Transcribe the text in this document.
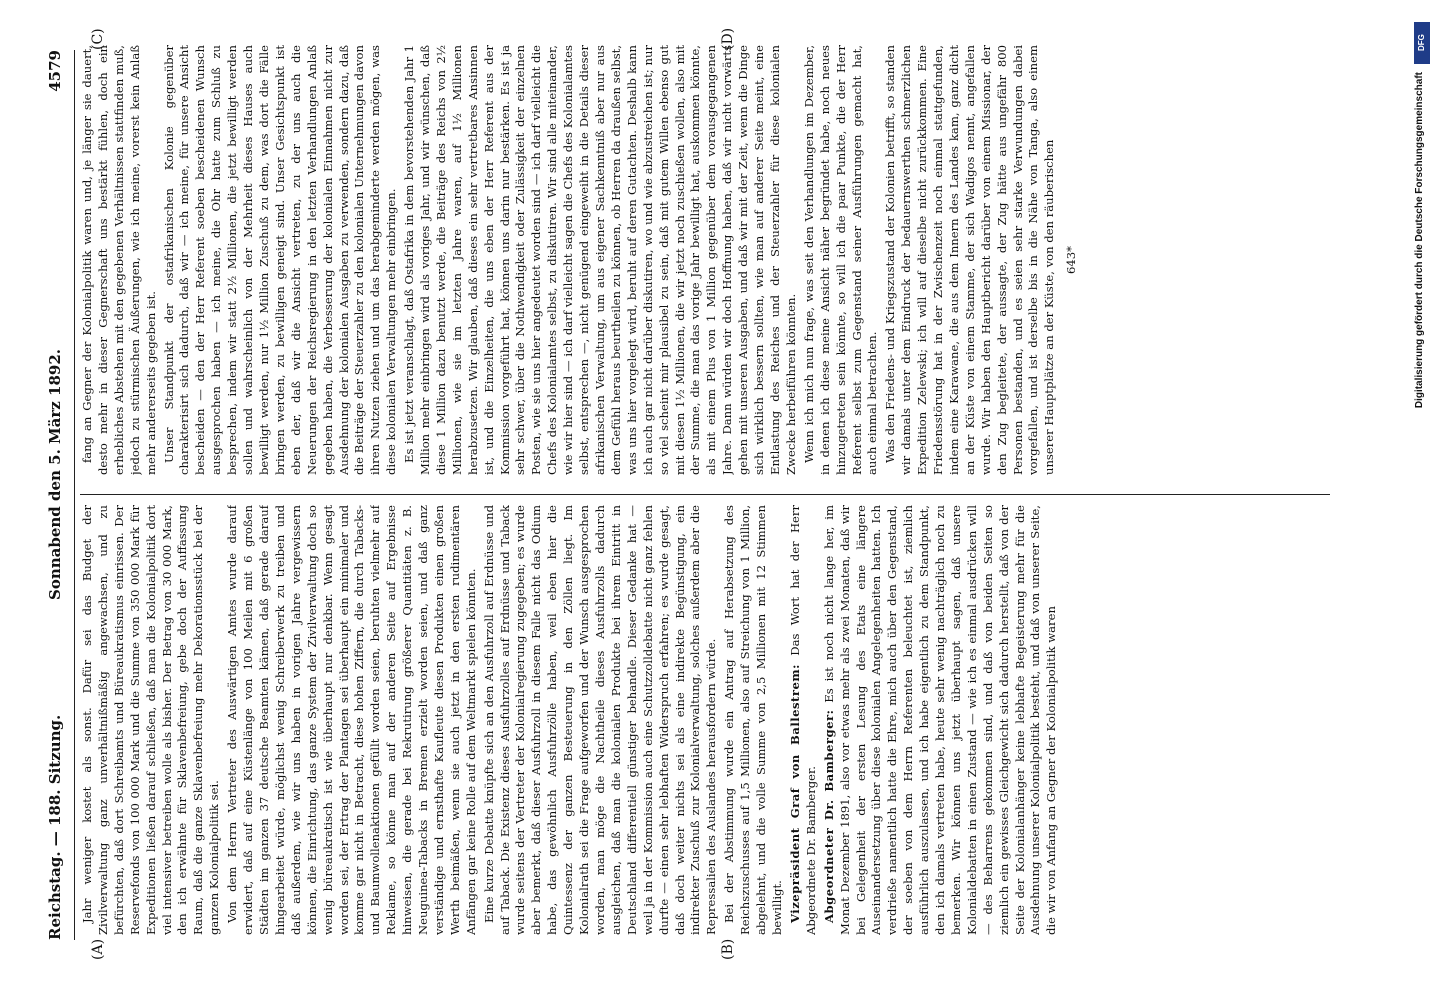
Reichstag. — 188. Sitzung.
Sonnabend den 5. März 1892.
4579
(A)	(B)
(C)	(D)

Jahr weniger kostet als sonst. Dafür sei das Budget der Zivilverwaltung ganz unverhältnißmäßig angewachsen, und zu befürchten, daß dort Schreibamts und Büreaukratismus einrissen. Der Reservefonds von 100 000 Mark und die Summe von 350 000 Mark für Expeditionen ließen darauf schließen, daß man die Kolonialpolitik dort viel intensiver betreiben wolle als bisher. Der Betrag von 30 000 Mark, den ich erwähnte für Sklavenbefreiung, gebe doch der Auffassung Raum, daß die ganze Sklavenbefreiung mehr Dekorationsstück bei der ganzen Kolonialpolitik sei. Von dem Herrn Vertreter des Auswärtigen Amtes wurde darauf erwidert, daß auf eine Küstenlänge von 100 Meilen mit 6 großen Städten im ganzen 37 deutsche Beamten kämen, daß gerade darauf hingearbeitet würde, möglichst wenig Schreiberwerk zu treiben und daß außerdem, wie wir uns haben in vorigen Jahre vergewissern können, die Einrichtung, das ganze System der Zivilverwaltung doch so wenig büreaukratisch ist wie überhaupt nur denkbar. Wenn gesagt worden sei, der Ertrag der Plantagen sei überhaupt ein minimaler und komme gar nicht in Betracht, diese hohen Ziffern, die durch Tabacks- und Baumwollenaktionen gefüllt worden seien, beruhten vielmehr auf Reklame, so könne man auf der anderen Seite auf Ergebnisse hinweisen, die gerade bei Rekrutirung größerer Quantitäten z. B. Neuguinea-Tabacks in Bremen erzielt worden seien, und daß ganz verständige und ernsthafte Kaufleute diesen Produkten einen großen Werth beimäßen, wenn sie auch jetzt in den ersten rudimentären Anfängen gar keine Rolle auf dem Weltmarkt spielen könnten. Eine kurze Debatte knüpfte sich an den Ausfuhrzoll auf Erdnüsse und auf Taback. Die Existenz dieses Ausfuhrzolles auf Erdnüsse und Taback wurde seitens der Vertreter der Kolonialregierung zugegeben; es wurde aber bemerkt, daß dieser Ausfuhrzoll in diesem Falle nicht das Odium habe, das gewöhnlich Ausfuhrzölle haben, weil eben hier die Quintessenz der ganzen Besteuerung in den Zöllen liegt. Im Kolonialrath sei die Frage aufgeworfen und der Wunsch ausgesprochen worden, man möge die Nachtheile dieses Ausfuhrzolls dadurch ausgleichen, daß man die kolonialen Produkte bei ihrem Eintritt in Deutschland differentiell günstiger behandle. Dieser Gedanke hat — weil ja in der Kommission auch eine Schutzzolldebatte nicht ganz fehlen durfte — einen sehr lebhaften Widerspruch erfahren; es wurde gesagt, daß doch weiter nichts sei als eine indirekte Begünstigung, ein indirekter Zuschuß zur Kolonialverwaltung, solches außerdem aber die Repressalien des Auslandes herausfordern würde. Bei der Abstimmung wurde ein Antrag auf Herabsetzung des Reichszuschusses auf 1,5 Millionen, also auf Streichung von 1 Million, abgelehnt, und die volle Summe von 2,5 Millionen mit 12 Stimmen bewilligt. Vizepräsident Graf von Ballestrem: Das Wort hat der Herr Abgeordnete Dr. Bamberger. Abgeordneter Dr. Bamberger: Es ist noch nicht lange her, im Monat Dezember 1891, also vor etwas mehr als zwei Monaten, daß wir bei Gelegenheit der ersten Lesung des Etats eine längere Auseinandersetzung über diese kolonialen Angelegenheiten hatten. Ich verdrieße namentlich hatte die Ehre, mich auch über den Gegenstand, der soeben von dem Herrn Referenten beleuchtet ist, ziemlich ausführlich auszulassen, und ich habe eigentlich zu dem Standpunkt, den ich damals vertreten habe, heute sehr wenig nachträglich noch zu bemerken. Wir können uns jetzt überhaupt sagen, daß unsere Kolonialdebatten in einen Zustand — wie ich es einmal ausdrücken will — des Beharrens gekommen sind, und daß von beiden Seiten so ziemlich ein gewisses Gleichgewicht sich dadurch herstellt, daß von der Seite der Kolonialanhänger keine lebhafte Begeisterung mehr für die Ausdehnung unserer Kolonialpolitik besteht, und daß von unserer Seite, die wir von Anfang an Gegner der Kolonialpolitik waren

fang an Gegner der Kolonialpolitik waren und, je länger sie dauert, desto mehr in dieser Gegnerschaft uns bestärkt fühlen, doch ein erhebliches Abstehen mit den gegebenen Verhältnissen stattfinden muß, jedoch zu stürmischen Äußerungen, wie ich meine, vorerst kein Anlaß mehr andererseits gegeben ist. Unser Standpunkt der ostafrikanischen Kolonie gegenüber charakterisirt sich dadurch, daß wir — ich meine, für unsere Ansicht bescheiden — den der Herr Referent soeben bescheidenen Wunsch ausgesprochen haben — ich meine, die Ohr hatte zum Schluß zu besprechen, indem wir statt 2½ Millionen, die jetzt bewilligt werden sollen und wahrscheinlich von der Mehrheit dieses Hauses auch bewilligt werden, nur 1½ Million Zuschuß zu dem, was dort die Fälle bringen werden, zu bewilligen geneigt sind. Unser Gesichtspunkt ist eben der, daß wir die Ansicht vertreten, zu der uns auch die Neuerungen der Reichsregierung in den letzten Verhandlungen Anlaß gegeben haben, die Verbesserung der kolonialen Einnahmen nicht zur Ausdehnung der kolonialen Ausgaben zu verwenden, sondern dazu, daß die Beiträge der Steuerzahler zu den kolonialen Unternehmungen davon ihren Nutzen ziehen und um das herabgeminderte werden mögen, was diese kolonialen Verwaltungen mehr einbringen. Es ist jetzt veranschlagt, daß Ostafrika in dem bevorstehenden Jahr 1 Million mehr einbringen wird als voriges Jahr, und wir wünschen, daß diese 1 Million dazu benutzt werde, die Beiträge des Reichs von 2½ Millionen, wie sie im letzten Jahre waren, auf 1½ Millionen herabzusetzen. Wir glauben, daß dieses ein sehr vertretbares Ansinnen ist, und die Einzelheiten, die uns eben der Herr Referent aus der Kommission vorgeführt hat, können uns darin nur bestärken. Es ist ja sehr schwer, über die Nothwendigkeit oder Zulässigkeit der einzelnen Posten, wie sie uns hier angedeutet worden sind — ich darf vielleicht die Chefs des Kolonialamtes selbst, zu diskutiren. Wir sind alle miteinander, wie wir hier sind — ich darf vielleicht sagen die Chefs des Kolonialamtes selbst, entsprechen —, nicht genügend eingeweiht in die Details dieser afrikanischen Verwaltung, um aus eigener Sachkenntniß aber nur aus dem Gefühl heraus beurtheilen zu können, ob Herren da draußen selbst, was uns hier vorgelegt wird, beruht auf deren Gutachten. Deshalb kann ich auch gar nicht darüber diskutiren, wo und wie abzustreichen ist; nur so viel scheint mir plausibel zu sein, daß mit gutem Willen ebenso gut mit diesen 1½ Millionen, die wir jetzt noch zuschießen wollen, also mit der Summe, die man das vorige Jahr bewilligt hat, auskommen könnte, als mit einem Plus von 1 Million gegenüber dem vorausgegangenen Jahre. Dann würden wir doch Hoffnung haben, daß wir nicht vorwärts gehen mit unseren Ausgaben, und daß wir mit der Zeit, wenn die Dinge sich wirklich bessern sollten, wie man auf anderer Seite meint, eine Entlastung des Reiches und der Steuerzahler für diese kolonialen Zwecke herbeiführen könnten. Wenn ich mich nun frage, was seit den Verhandlungen im Dezember, in denen ich diese meine Ansicht näher begründet habe, noch neues hinzugetreten sein könnte, so will ich die paar Punkte, die der Herr Referent selbst zum Gegenstand seiner Ausführungen gemacht hat, auch einmal betrachten. Was den Friedens- und Kriegszustand der Kolonien betrifft, so standen wir damals unter dem Eindruck der bedauernswerthen schmerzlichen Expedition Zelewski; ich will auf dieselbe nicht zurückkommen. Eine Friedensstörung hat in der Zwischenzeit noch einmal stattgefunden, indem eine Karawane, die aus dem Innern des Landes kam, ganz dicht an der Küste von einem Stamme, der sich Wadigos nennt, angefallen wurde. Wir haben den Hauptbericht darüber von einem Missionar, der den Zug begleitete, der aussagte, der Zug hätte aus ungefähr 800 Personen bestanden, und es seien sehr starke Verwundungen dabei vorgefallen, und ist derselbe bis in die Nähe von Tanga, also einem unserer Hauptplätze an der Küste, von den räuberischen 643*

DFG
Digitalisierung gefördert durch die Deutsche Forschungsgemeinschaft
